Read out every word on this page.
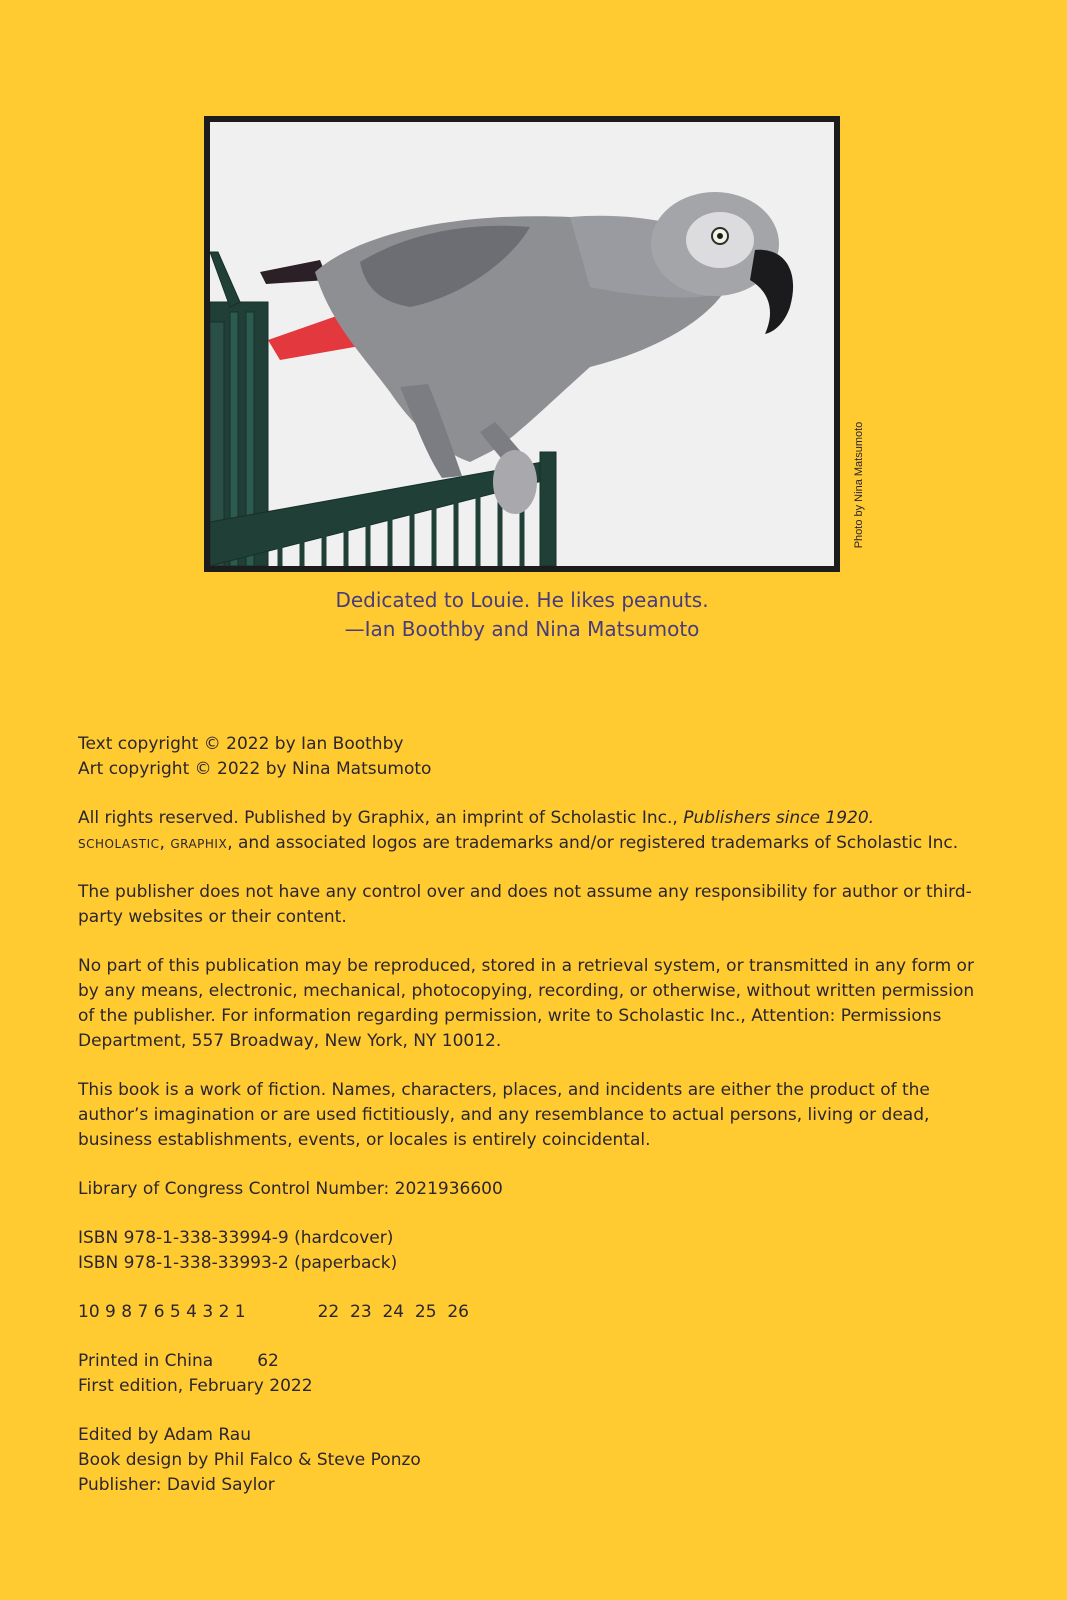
Photo by Nina Matsumoto
Dedicated to Louie. He likes peanuts.
—Ian Boothby and Nina Matsumoto

Text copyright © 2022 by Ian Boothby
Art copyright © 2022 by Nina Matsumoto

All rights reserved. Published by Graphix, an imprint of Scholastic Inc., Publishers since 1920.
scholastic, graphix, and associated logos are trademarks and/or registered trademarks of Scholastic Inc.

The publisher does not have any control over and does not assume any responsibility for author or third-party websites or their content.

No part of this publication may be reproduced, stored in a retrieval system, or transmitted in any form or by any means, electronic, mechanical, photocopying, recording, or otherwise, without written permission of the publisher. For information regarding permission, write to Scholastic Inc., Attention: Permissions Department, 557 Broadway, New York, NY 10012.

This book is a work of fiction. Names, characters, places, and incidents are either the product of the author’s imagination or are used fictitiously, and any resemblance to actual persons, living or dead, business establishments, events, or locales is entirely coincidental.

Library of Congress Control Number: 2021936600

ISBN 978-1-338-33994-9 (hardcover)
ISBN 978-1-338-33993-2 (paperback)

10 9 8 7 6 5 4 3 2 1	22  23  24  25  26

Printed in China	62
First edition, February 2022

Edited by Adam Rau
Book design by Phil Falco & Steve Ponzo
Publisher: David Saylor
